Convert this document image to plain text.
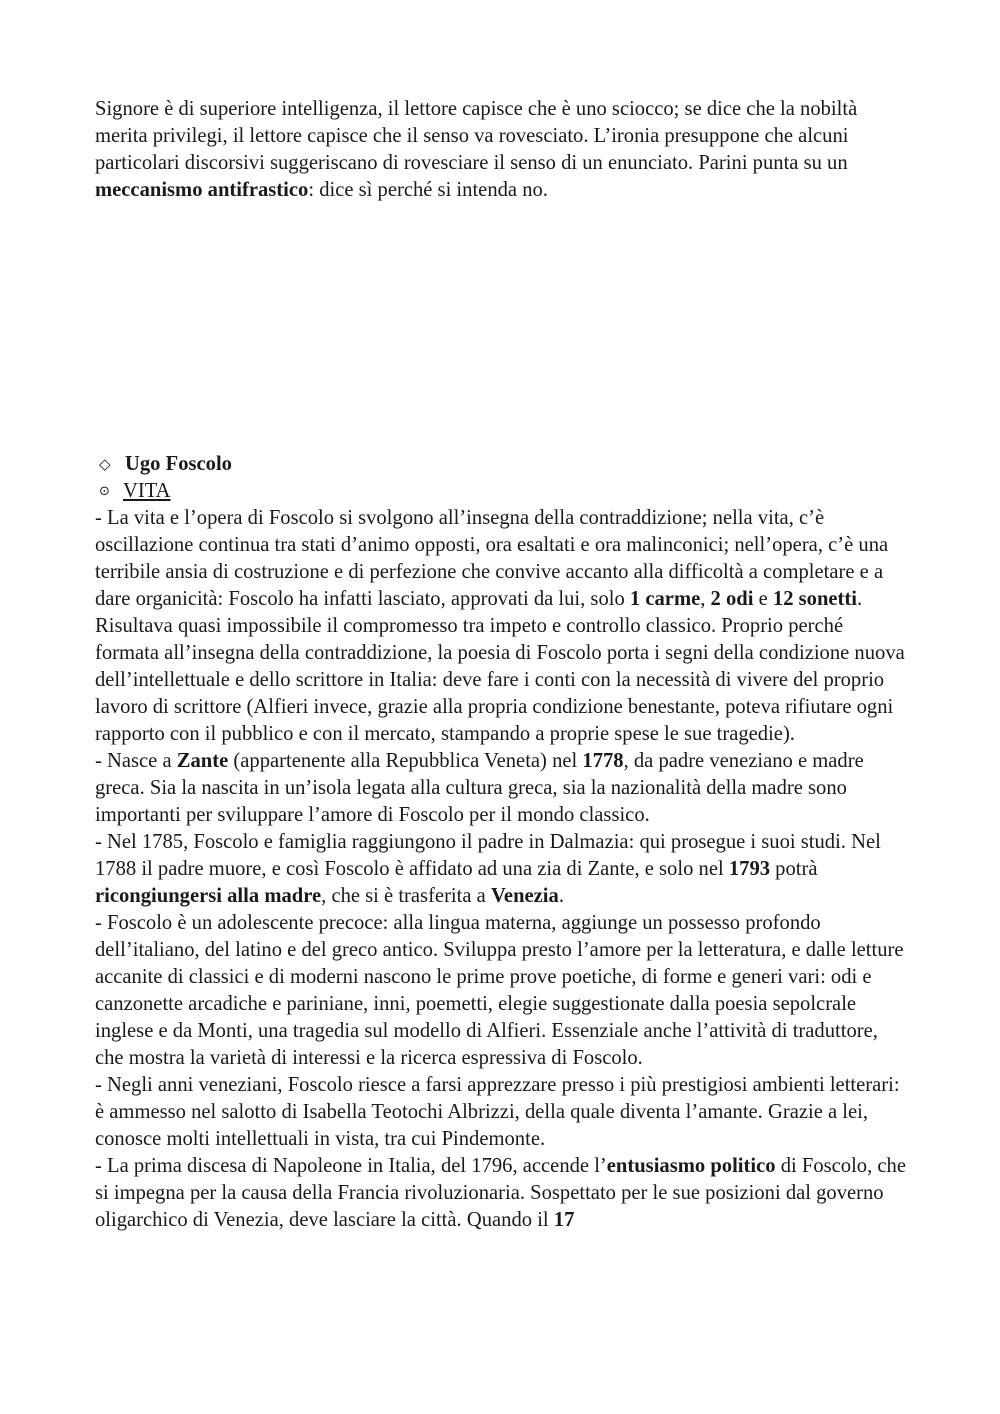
Signore è di superiore intelligenza, il lettore capisce che è uno sciocco; se dice che la nobiltà merita privilegi, il lettore capisce che il senso va rovesciato. L’ironia presuppone che alcuni particolari discorsivi suggeriscano di rovesciare il senso di un enunciato. Parini punta su un meccanismo antifrastico: dice sì perché si intenda no.

◇ Ugo Foscolo
⊙ VITA

- La vita e l’opera di Foscolo si svolgono all’insegna della contraddizione; nella vita, c’è oscillazione continua tra stati d’animo opposti, ora esaltati e ora malinconici; nell’opera, c’è una terribile ansia di costruzione e di perfezione che convive accanto alla difficoltà a completare e a dare organicità: Foscolo ha infatti lasciato, approvati da lui, solo 1 carme, 2 odi e 12 sonetti. Risultava quasi impossibile il compromesso tra impeto e controllo classico. Proprio perché formata all’insegna della contraddizione, la poesia di Foscolo porta i segni della condizione nuova dell’intellettuale e dello scrittore in Italia: deve fare i conti con la necessità di vivere del proprio lavoro di scrittore (Alfieri invece, grazie alla propria condizione benestante, poteva rifiutare ogni rapporto con il pubblico e con il mercato, stampando a proprie spese le sue tragedie).

- Nasce a Zante (appartenente alla Repubblica Veneta) nel 1778, da padre veneziano e madre greca. Sia la nascita in un’isola legata alla cultura greca, sia la nazionalità della madre sono importanti per sviluppare l’amore di Foscolo per il mondo classico.

- Nel 1785, Foscolo e famiglia raggiungono il padre in Dalmazia: qui prosegue i suoi studi. Nel 1788 il padre muore, e così Foscolo è affidato ad una zia di Zante, e solo nel 1793 potrà ricongiungersi alla madre, che si è trasferita a Venezia.

- Foscolo è un adolescente precoce: alla lingua materna, aggiunge un possesso profondo dell’italiano, del latino e del greco antico. Sviluppa presto l’amore per la letteratura, e dalle letture accanite di classici e di moderni nascono le prime prove poetiche, di forme e generi vari: odi e canzonette arcadiche e pariniane, inni, poemetti, elegie suggestionate dalla poesia sepolcrale inglese e da Monti, una tragedia sul modello di Alfieri. Essenziale anche l’attività di traduttore, che mostra la varietà di interessi e la ricerca espressiva di Foscolo.

- Negli anni veneziani, Foscolo riesce a farsi apprezzare presso i più prestigiosi ambienti letterari: è ammesso nel salotto di Isabella Teotochi Albrizzi, della quale diventa l’amante. Grazie a lei, conosce molti intellettuali in vista, tra cui Pindemonte.

- La prima discesa di Napoleone in Italia, del 1796, accende l’entusiasmo politico di Foscolo, che si impegna per la causa della Francia rivoluzionaria. Sospettato per le sue posizioni dal governo oligarchico di Venezia, deve lasciare la città. Quando il 17
